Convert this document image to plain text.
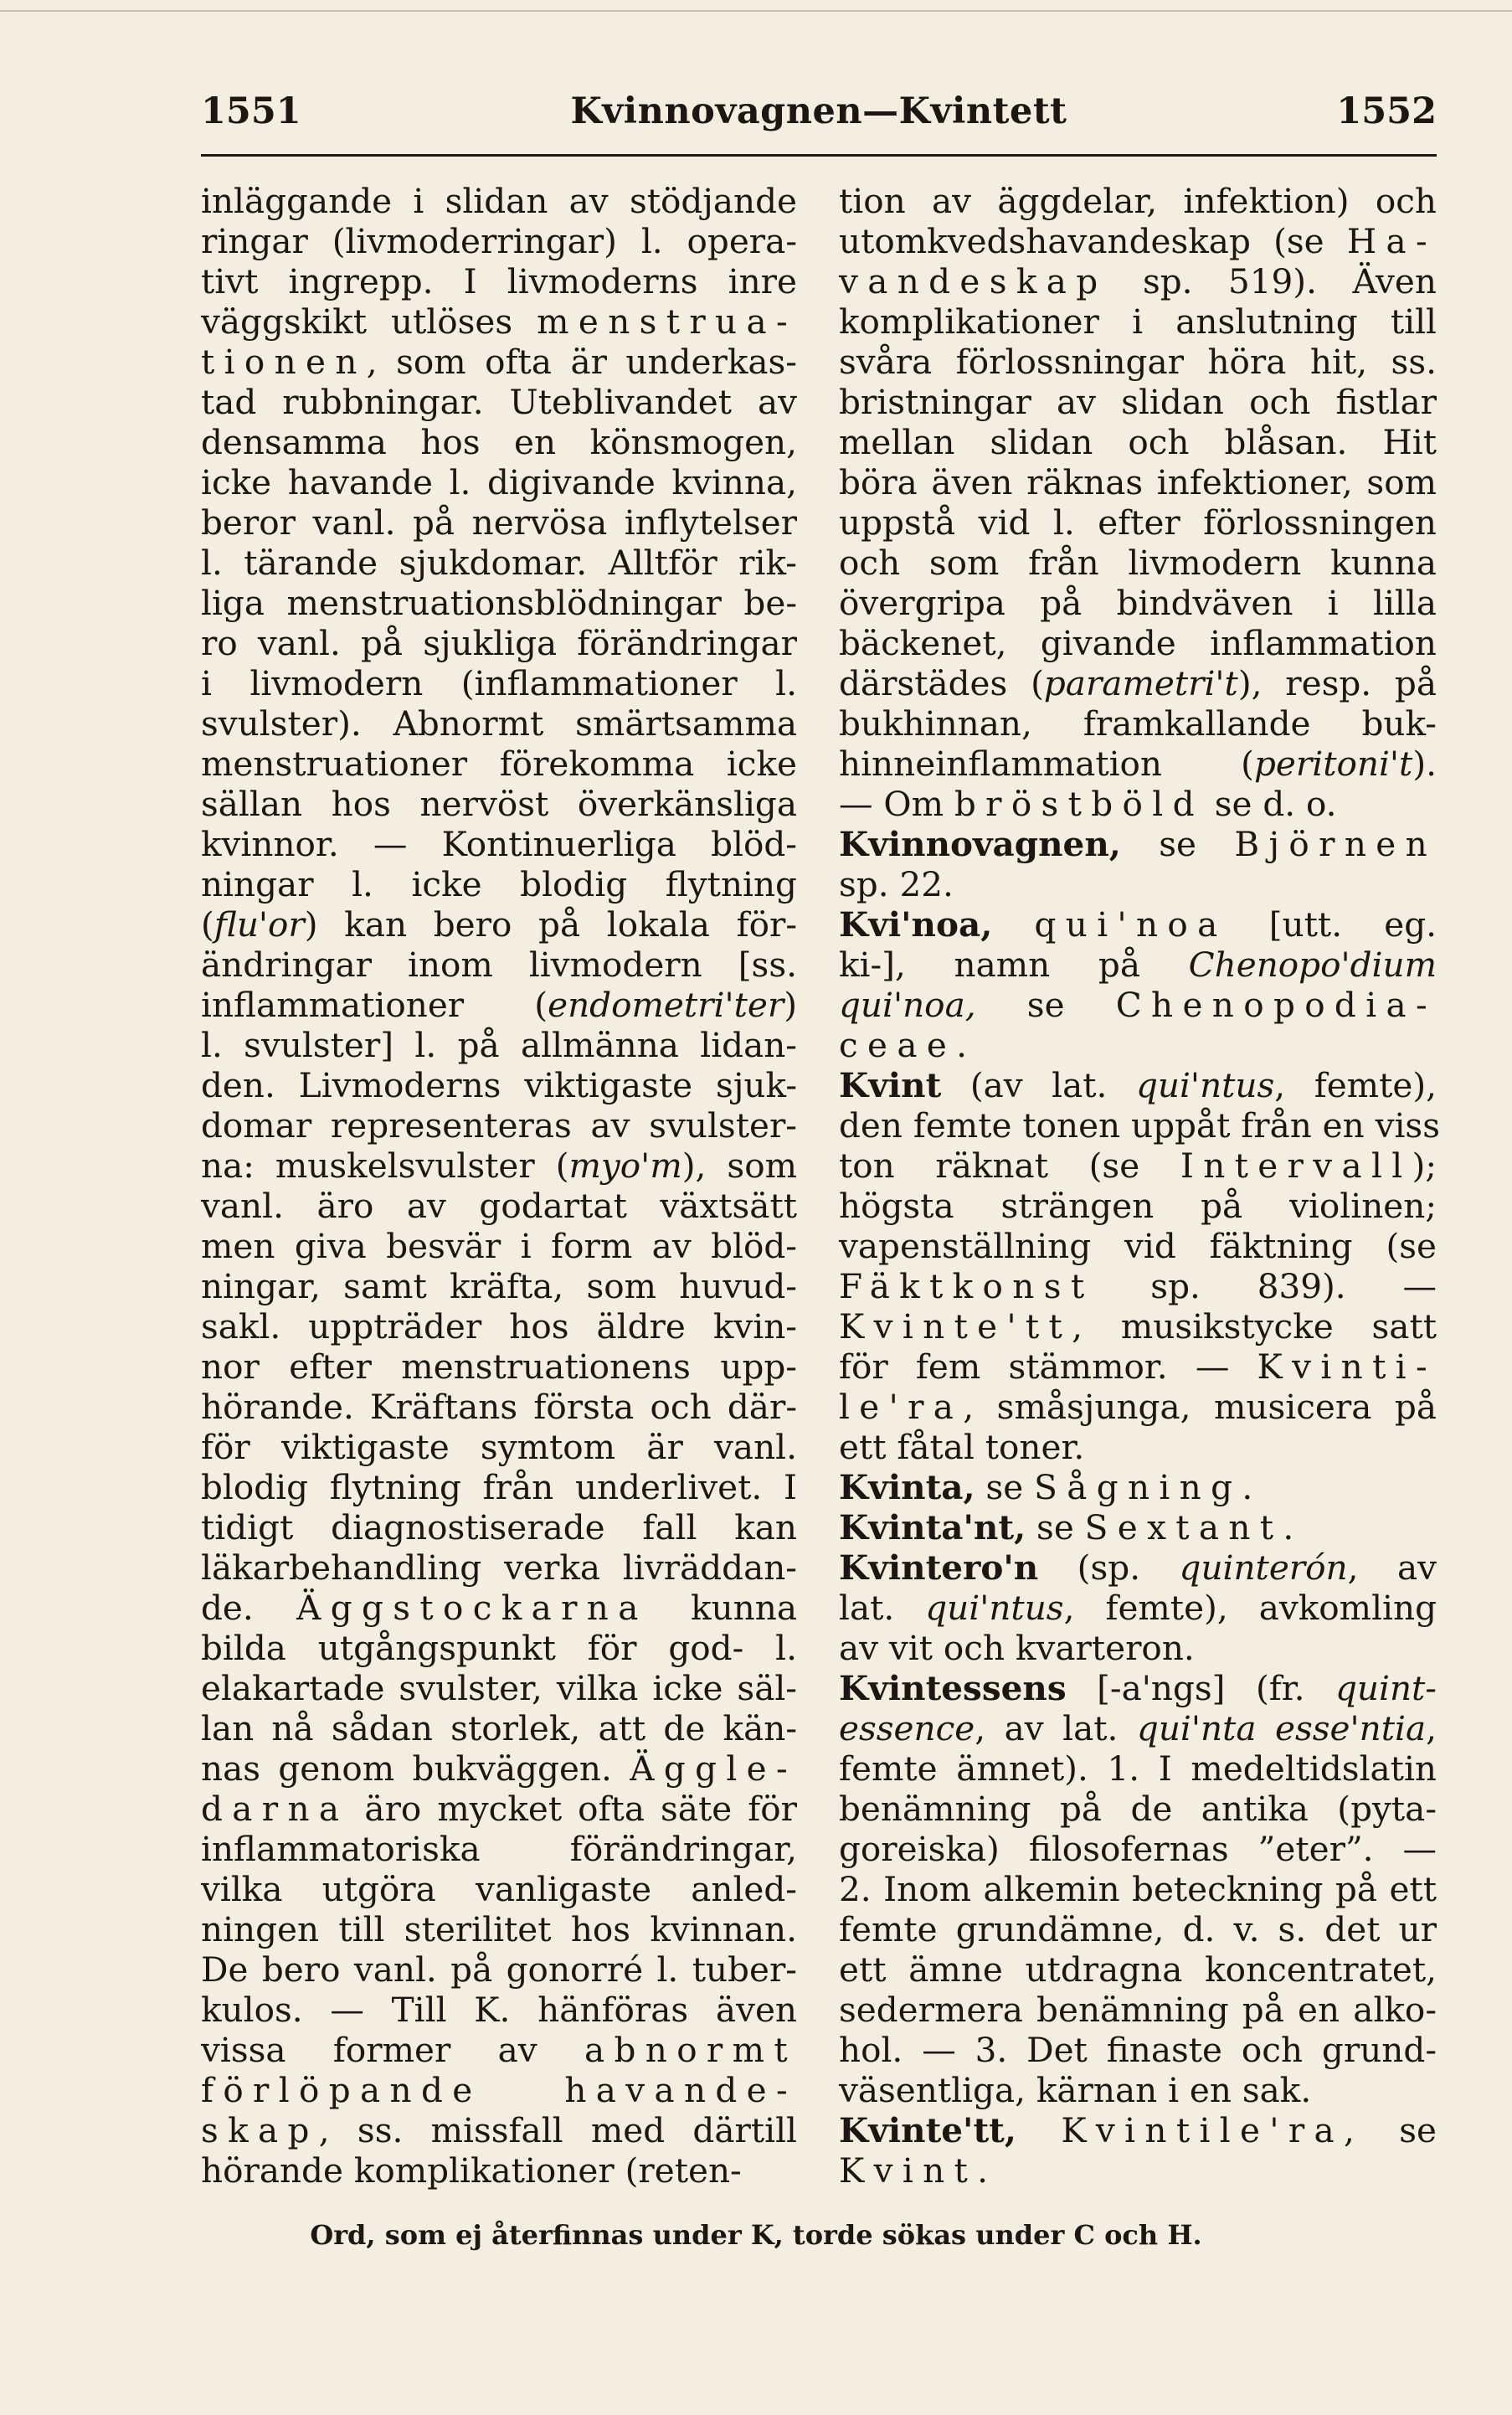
Kvinnovagnen—Kvintett
1551	1552
inläggande i slidan av stödjande
ringar (livmoderringar) l. opera-
tivt ingrepp. I livmoderns inre
väggskikt utlöses menstrua-
tionen, som ofta är underkas-
tad rubbningar. Uteblivandet av
densamma hos en könsmogen,
icke havande l. digivande kvinna,
beror vanl. på nervösa inflytelser
l. tärande sjukdomar. Alltför rik-
liga menstruationsblödningar be-
ro vanl. på sjukliga förändringar
i livmodern (inflammationer l.
svulster). Abnormt smärtsamma
menstruationer förekomma icke
sällan hos nervöst överkänsliga
kvinnor. — Kontinuerliga blöd-
ningar l. icke blodig flytning
(flu'or) kan bero på lokala för-
ändringar inom livmodern [ss.
inflammationer (endometri'ter)
l. svulster] l. på allmänna lidan-
den. Livmoderns viktigaste sjuk-
domar representeras av svulster-
na: muskelsvulster (myo'm), som
vanl. äro av godartat växtsätt
men giva besvär i form av blöd-
ningar, samt kräfta, som huvud-
sakl. uppträder hos äldre kvin-
nor efter menstruationens upp-
hörande. Kräftans första och där-
för viktigaste symtom är vanl.
blodig flytning från underlivet. I
tidigt diagnostiserade fall kan
läkarbehandling verka livräddan-
de. Äggstockarna kunna
bilda utgångspunkt för god- l.
elakartade svulster, vilka icke säl-
lan nå sådan storlek, att de kän-
nas genom bukväggen. Äggle-
darna äro mycket ofta säte för
inflammatoriska förändringar,
vilka utgöra vanligaste anled-
ningen till sterilitet hos kvinnan.
De bero vanl. på gonorré l. tuber-
kulos. — Till K. hänföras även
vissa former av abnormt
förlöpande havande-
skap, ss. missfall med därtill
hörande komplikationer (reten-
tion av äggdelar, infektion) och
utomkvedshavandeskap (se Ha-
vandeskap sp. 519). Även
komplikationer i anslutning till
svåra förlossningar höra hit, ss.
bristningar av slidan och fistlar
mellan slidan och blåsan. Hit
böra även räknas infektioner, som
uppstå vid l. efter förlossningen
och som från livmodern kunna
övergripa på bindväven i lilla
bäckenet, givande inflammation
därstädes (parametri't), resp. på
bukhinnan, framkallande buk-
hinneinflammation (peritoni't).
— Om bröstböld se d. o.
Kvinnovagnen, se Björnen
sp. 22.
Kvi'noa, qui'noa [utt. eg.
ki-], namn på Chenopo'dium
qui'noa, se Chenopodia-
ceae.
Kvint (av lat. qui'ntus, femte),
den femte tonen uppåt från en viss
ton räknat (se Intervall);
högsta strängen på violinen;
vapenställning vid fäktning (se
Fäktkonst sp. 839). —
Kvinte'tt, musikstycke satt
för fem stämmor. — Kvinti-
le'ra, småsjunga, musicera på
ett fåtal toner.
Kvinta, se Sågning.
Kvinta'nt, se Sextant.
Kvintero'n (sp. quinterón, av
lat. qui'ntus, femte), avkomling
av vit och kvarteron.
Kvintessens [-a'ngs] (fr. quint-
essence, av lat. qui'nta esse'ntia,
femte ämnet). 1. I medeltidslatin
benämning på de antika (pyta-
goreiska) filosofernas ”eter”. —
2. Inom alkemin beteckning på ett
femte grundämne, d. v. s. det ur
ett ämne utdragna koncentratet,
sedermera benämning på en alko-
hol. — 3. Det finaste och grund-
väsentliga, kärnan i en sak.
Kvinte'tt, Kvintile'ra, se
Kvint.
Ord, som ej återfinnas under K, torde sökas under C och H.
